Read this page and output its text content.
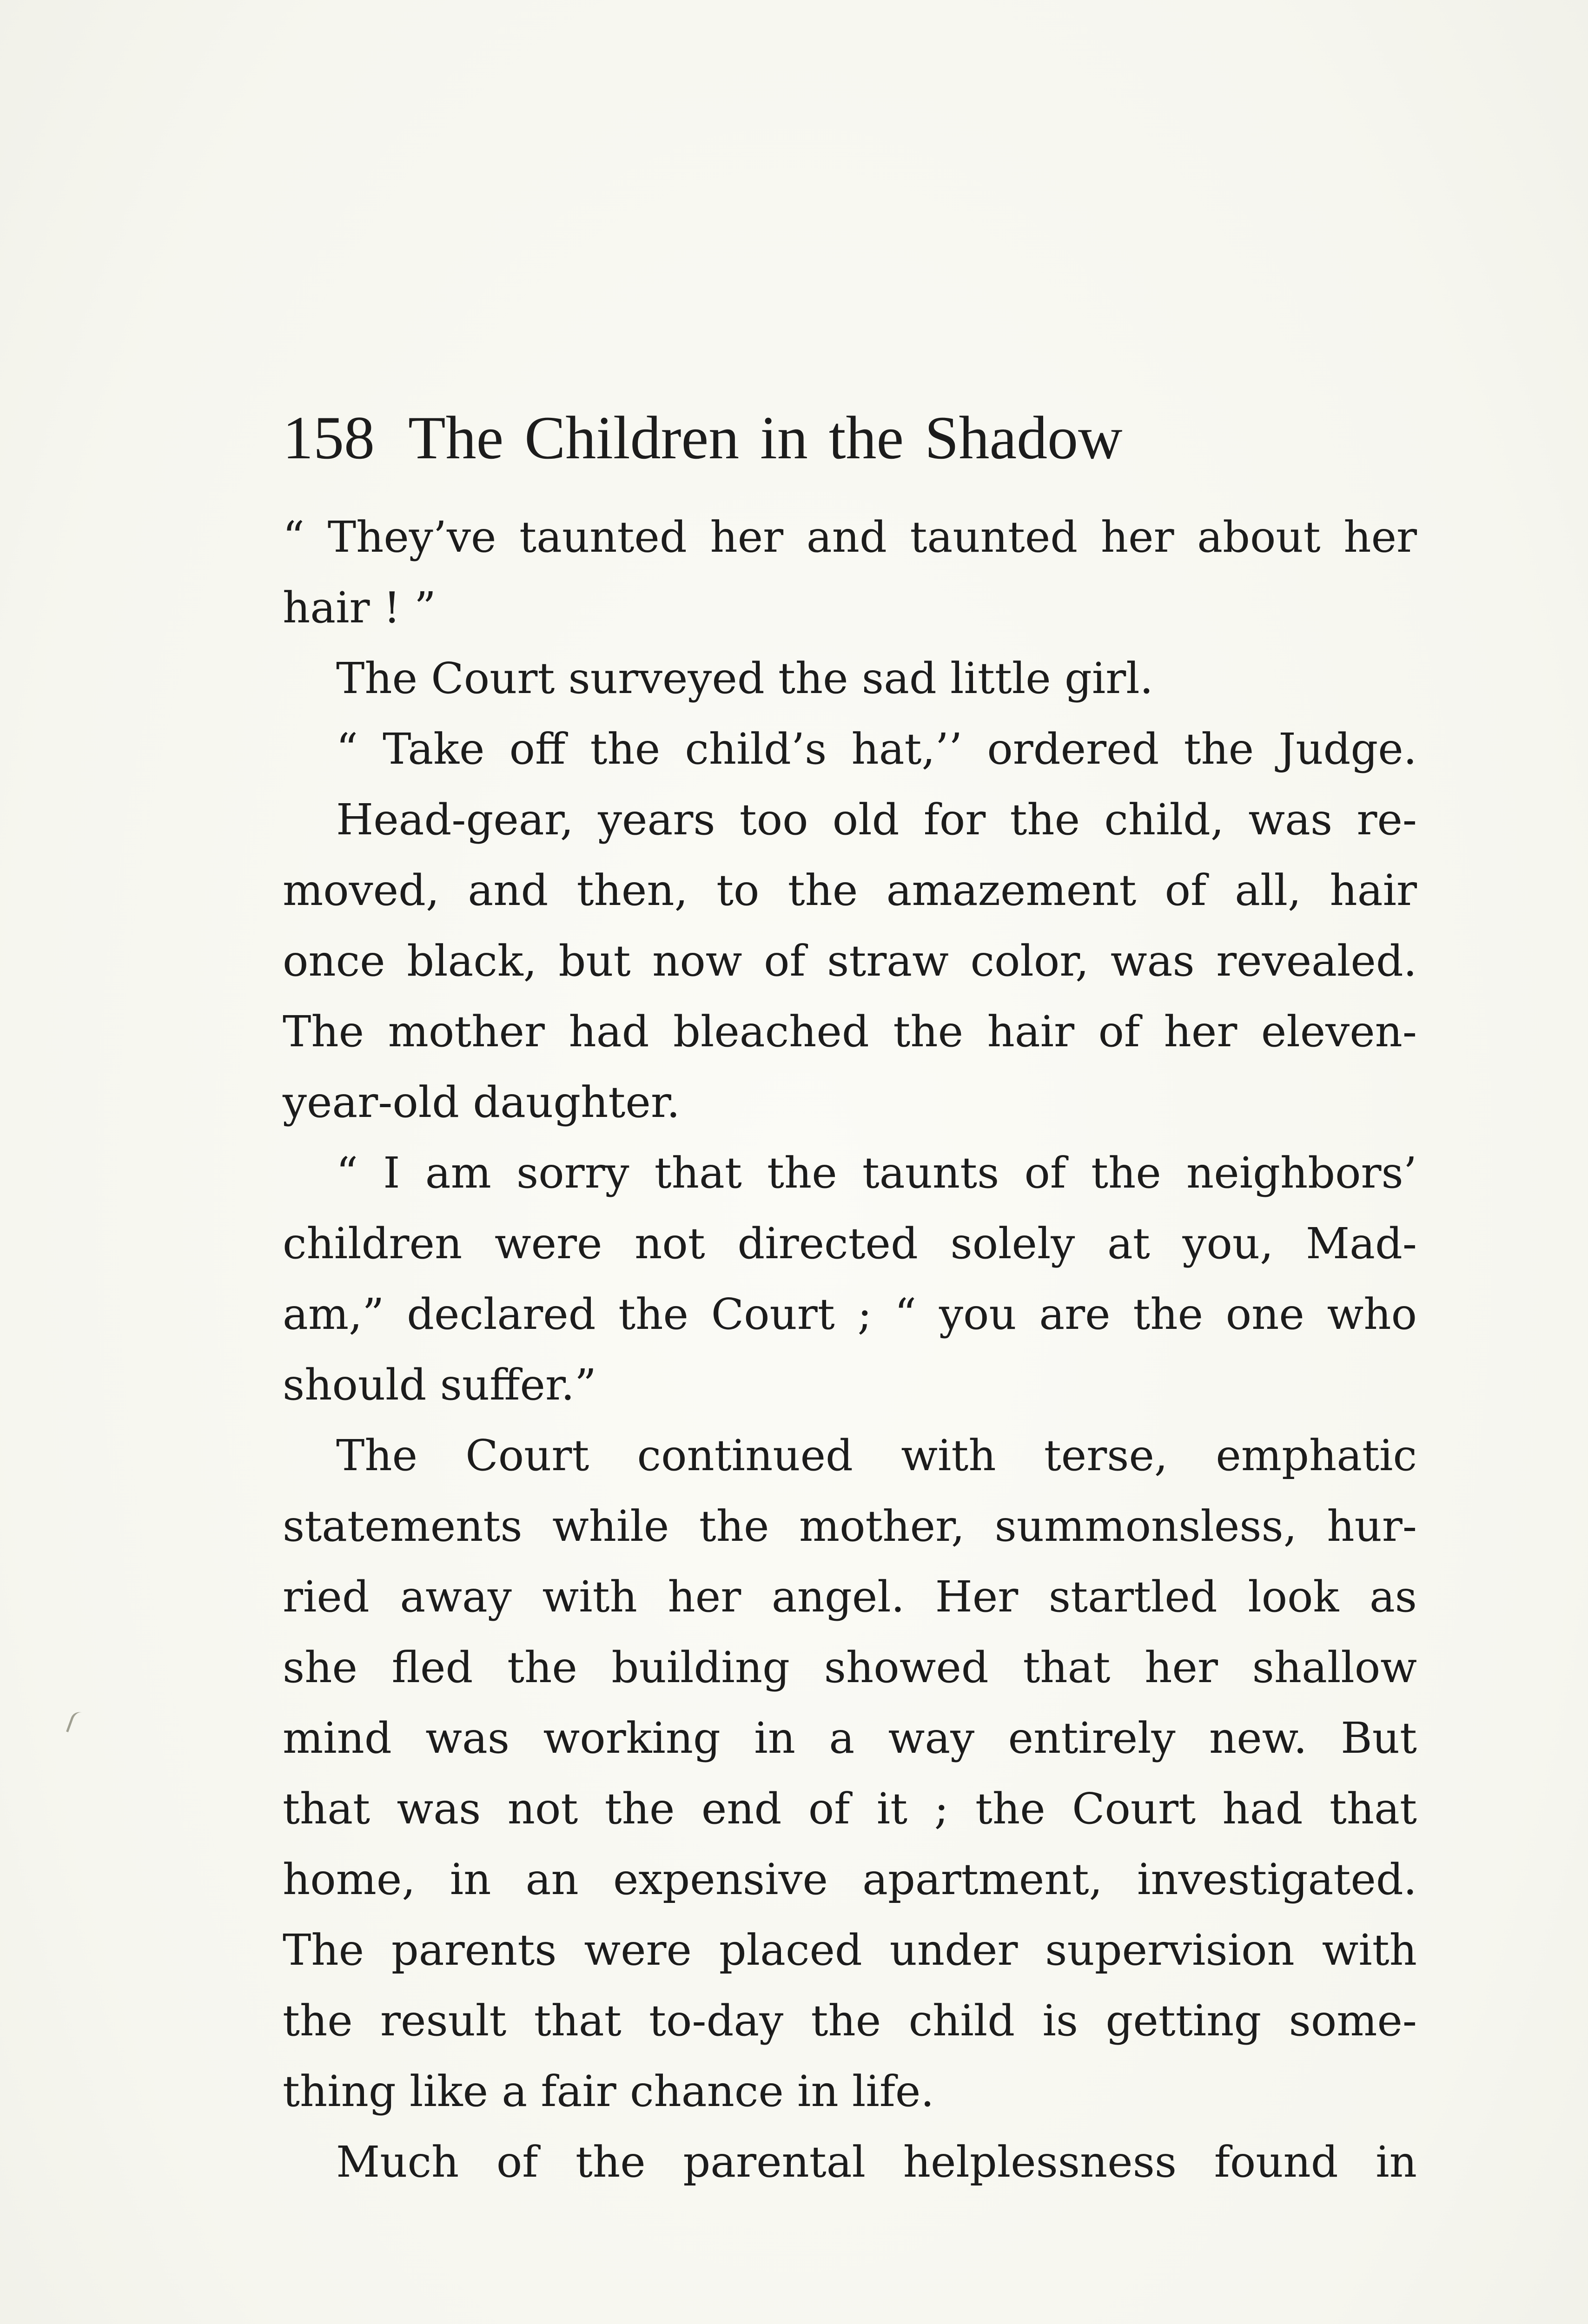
158 The Children in the Shadow
“ They’ve taunted her and taunted her about her
hair ! ”
The Court surveyed the sad little girl.
“ Take off the child’s hat,’’ ordered the Judge.
Head-gear, years too old for the child, was re-
moved, and then, to the amazement of all, hair
once black, but now of straw color, was revealed.
The mother had bleached the hair of her eleven-
year-old daughter.
“ I am sorry that the taunts of the neighbors’
children were not directed solely at you, Mad-
am,” declared the Court ; “ you are the one who
should suffer.”
The Court continued with terse, emphatic
statements while the mother, summonsless, hur-
ried away with her angel. Her startled look as
she fled the building showed that her shallow
mind was working in a way entirely new. But
that was not the end of it ; the Court had that
home, in an expensive apartment, investigated.
The parents were placed under supervision with
the result that to-day the child is getting some-
thing like a fair chance in life.
Much of the parental helplessness found in
